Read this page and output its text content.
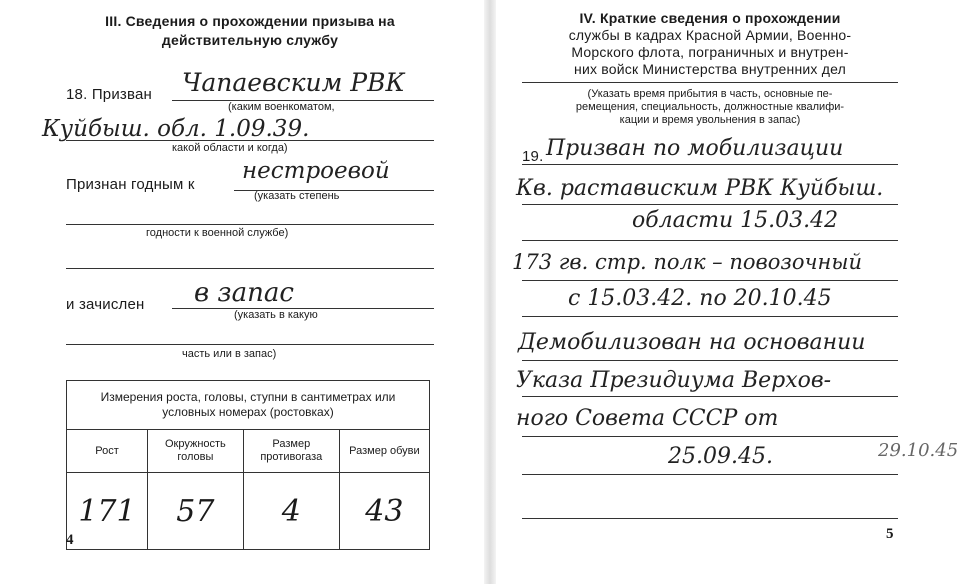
III. Сведения о прохождении призыва на
действительную службу
18. Призван Чапаевским РВК
(каким военкоматом,
Куйбыш. обл. 1.09.39.
какой области и когда)
Признан годным к
нестроевой
(указать степень
годности к военной службе)
и зачислен в запас
(указать в какую
часть или в запас)
Измерения роста, головы, ступни в сантиметрах или условных номерах (ростовках)			
Рост	Окружность головы	Размер противогаза	Размер обуви
171	57	4	43
4
IV. Краткие сведения о прохождении
службы в кадрах Красной Армии, Военно-
Морского флота, пограничных и внутрен-
них войск Министерства внутренних дел
(Указать время прибытия в часть, основные пе-
ремещения, специальность, должностные квалифи-
кации и время увольнения в запас)
19. Призван по мобилизации
Кв. растависким РВК Куйбыш.
области 15.03.42
173 гв. стр. полк – повозочный
с 15.03.42. по 20.10.45
Демобилизован на основании
Указа Президиума Верхов-
ного Совета СССР от
25.09.45.	29.10.45
5
